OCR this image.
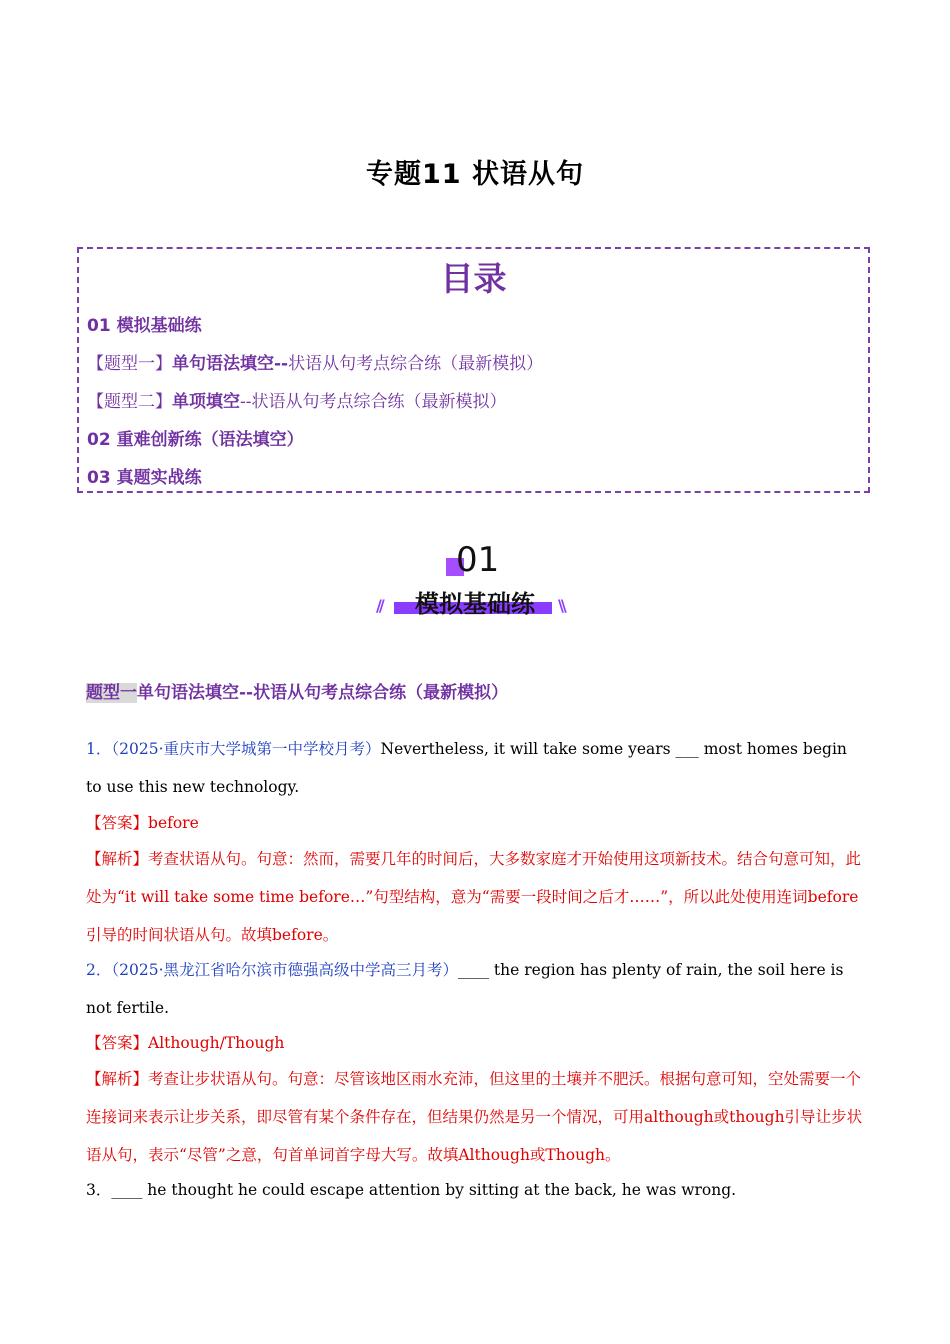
专题11 状语从句
目录
01 模拟基础练
【题型一】单句语法填空--状语从句考点综合练（最新模拟）
【题型二】单项填空--状语从句考点综合练（最新模拟）
02 重难创新练（语法填空）
03 真题实战练
01
模拟基础练
//	\\
题型一单句语法填空--状语从句考点综合练（最新模拟）
1．（2025·重庆市大学城第一中学校月考）Nevertheless, it will take some years ___ most homes begin to use this new technology.
【答案】before
【解析】考查状语从句。句意：然而，需要几年的时间后，大多数家庭才开始使用这项新技术。结合句意可知，此处为“it will take some time before…”句型结构，意为“需要一段时间之后才……”，所以此处使用连词before引导的时间状语从句。故填before。
2．（2025·黑龙江省哈尔滨市德强高级中学高三月考）____ the region has plenty of rain, the soil here is not fertile.
【答案】Although/Though
【解析】考查让步状语从句。句意：尽管该地区雨水充沛，但这里的土壤并不肥沃。根据句意可知，空处需要一个连接词来表示让步关系，即尽管有某个条件存在，但结果仍然是另一个情况，可用although或though引导让步状语从句，表示“尽管”之意，句首单词首字母大写。故填Although或Though。
3．____ he thought he could escape attention by sitting at the back, he was wrong.
